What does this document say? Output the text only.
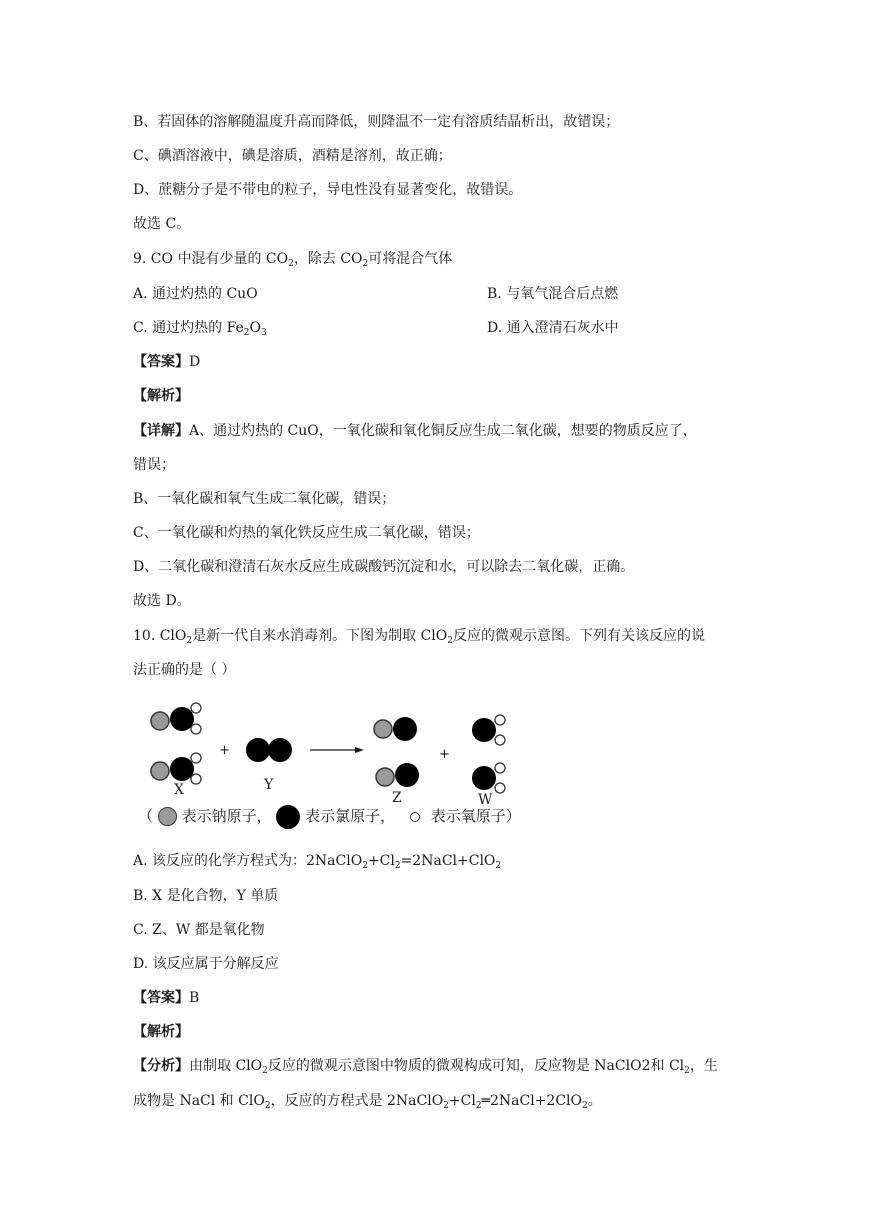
B、若固体的溶解随温度升高而降低，则降温不一定有溶质结晶析出，故错误；
C、碘酒溶液中，碘是溶质，酒精是溶剂，故正确；
D、蔗糖分子是不带电的粒子，导电性没有显著变化，故错误。
故选 C。
9. CO 中混有少量的 $CO_2$，除去 $CO_2$可将混合气体
A. 通过灼热的 CuO	B. 与氧气混合后点燃
C. 通过灼热的 $Fe_2O_3$	D. 通入澄清石灰水中
【答案】D
【解析】
【详解】A、通过灼热的 CuO，一氧化碳和氧化铜反应生成二氧化碳，想要的物质反应了，
错误；
B、一氧化碳和氧气生成二氧化碳，错误；
C、一氧化碳和灼热的氧化铁反应生成二氧化碳，错误；
D、二氧化碳和澄清石灰水反应生成碳酸钙沉淀和水，可以除去二氧化碳，正确。
故选 D。
10. ClO$_2$是新一代自来水消毒剂。下图为制取 ClO$_2$反应的微观示意图。下列有关该反应的说
法正确的是（ ）
X
+
Y
Z
+
W
（ 表示钠原子， 表示氯原子， 表示氧原子）
A. 该反应的化学方程式为：$2NaClO_2+Cl_2=2NaCl+ClO_2$
B. X 是化合物，Y 单质
C. Z、W 都是氧化物
D. 该反应属于分解反应
【答案】B
【解析】
【分析】由制取 ClO$_2$反应的微观示意图中物质的微观构成可知，反应物是 NaClO2和 $Cl_2$，生
成物是 NaCl 和 ClO$_2$，反应的方程式是 $2NaClO_2+Cl_2═2NaCl+2ClO_2$。
